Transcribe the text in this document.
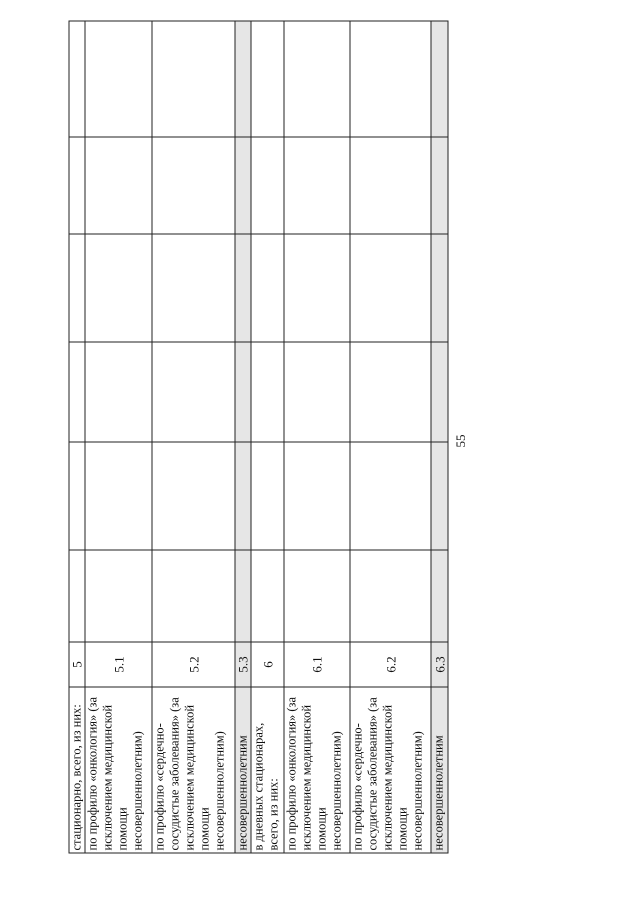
55
стационарно, всего, из них:	5						
по профилю «онкология» (за исключением медицинской помощи несовершеннолетним)	5.1						
по профилю «сердечно-сосудистые заболевания» (за исключением медицинской помощи несовершеннолетним)	5.2						
несовершеннолетним	5.3						
в дневных стационарах, всего, из них:	6						
по профилю «онкология» (за исключением медицинской помощи несовершеннолетним)	6.1						
по профилю «сердечно-сосудистые заболевания» (за исключением медицинской помощи несовершеннолетним)	6.2						
несовершеннолетним	6.3						
